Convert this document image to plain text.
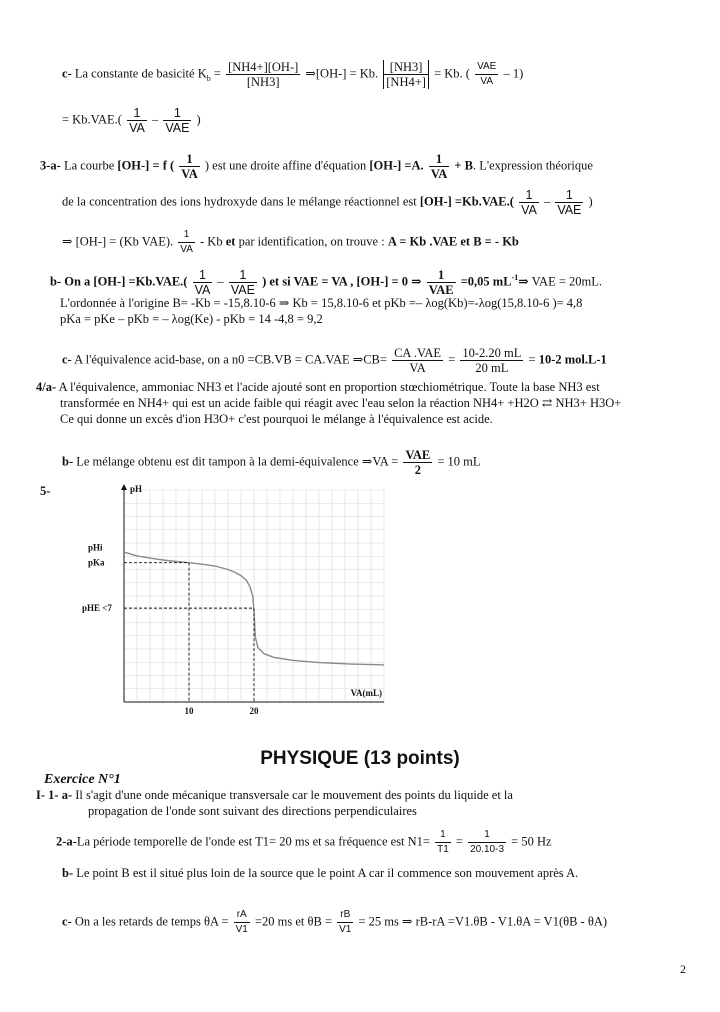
c- La constante de basicité $K_b = \frac{[NH4+][OH-]}{[NH3]}$ ⇒[OH-] = Kb. $\frac{[NH3]}{[NH4+]} = Kb$. ( $\frac{\text{VAE}}{VA} - 1$)
= $Kb.VAE.( \frac{1}{VA} - \frac{1}{\text{VAE}}$ )
3-a- La courbe [OH-] = f ( $\frac{1}{VA}$ ) est une droite affine d'équation [OH-] =A. $\frac{1}{VA} + B$. L'expression théorique
de la concentration des ions hydroxyde dans le mélange réactionnel est $[OH-] =Kb.VAE.( \frac{1}{VA} - \frac{1}{\text{VAE}}$ )
⇒ [OH-] = (Kb VAE). $\frac{1}{VA}$ - Kb et par identification, on trouve : A = Kb .VAE et B = - Kb
b- On a $[OH-] =Kb.VAE.( \frac{1}{VA} - \frac{1}{\text{VAE}}$ ) et si VAE = VA , [OH-] = 0 ⇒ $\frac{1}{\text{VAE}} =0,05$ $mL^{-1}\Rightarrow$ VAE = 20mL.
L'ordonnée à l'origine B= -Kb = -15,8.10-6 ⇒ Kb = 15,8.10-6 et pKb =– λog(Kb)=-λog(15,8.10-6 )= 4,8
pKa = pKe – pKb = – λog(Ke) - pKb = 14 -4,8 = 9,2
c- A l'équivalence acid-base, on a n0 =CB.VB = CA.VAE ⇒CB= $\frac{\text{CA .VAE}}{VA} = \frac{10-2.20 mL}{20 mL} = 10-2$ mol.L-1
4/a- A l'équivalence, ammoniac NH3 et l'acide ajouté sont en proportion stœchiométrique. Toute la base NH3 est
transformée en NH4+ qui est un acide faible qui réagit avec l'eau selon la réaction NH4+ +H2O ⇄ NH3+ H3O+
Ce qui donne un excès d'ion H3O+ c'est pourquoi le mélange à l'équivalence est acide.
b- Le mélange obtenu est dit tampon à la demi-équivalence ⇒VA = $\frac{\text{VAE}}{2} = 10$ mL
5-	pH
VA(mL)
10	20
pHi
pKa
pHE <7
PHYSIQUE (13 points)
Exercice N°1
I- 1- a- Il s'agit d'une onde mécanique transversale car le mouvement des points du liquide et la
propagation de l'onde sont suivant des directions perpendiculaires
2-a-La période temporelle de l'onde est T1= 20 ms et sa fréquence est $N1= \frac{1}{T1} = \frac{1}{20.10-3} = 50$ Hz
b- Le point B est il situé plus loin de la source que le point A car il commence son mouvement après A.
c- On a les retards de temps $\theta A = \frac{rA}{V1} =20$ ms et $\theta B = \frac{rB}{V1} = 25$ ms ⇒ rB-rA =V1.θB - V1.θA = V1(θB - θA)
2
